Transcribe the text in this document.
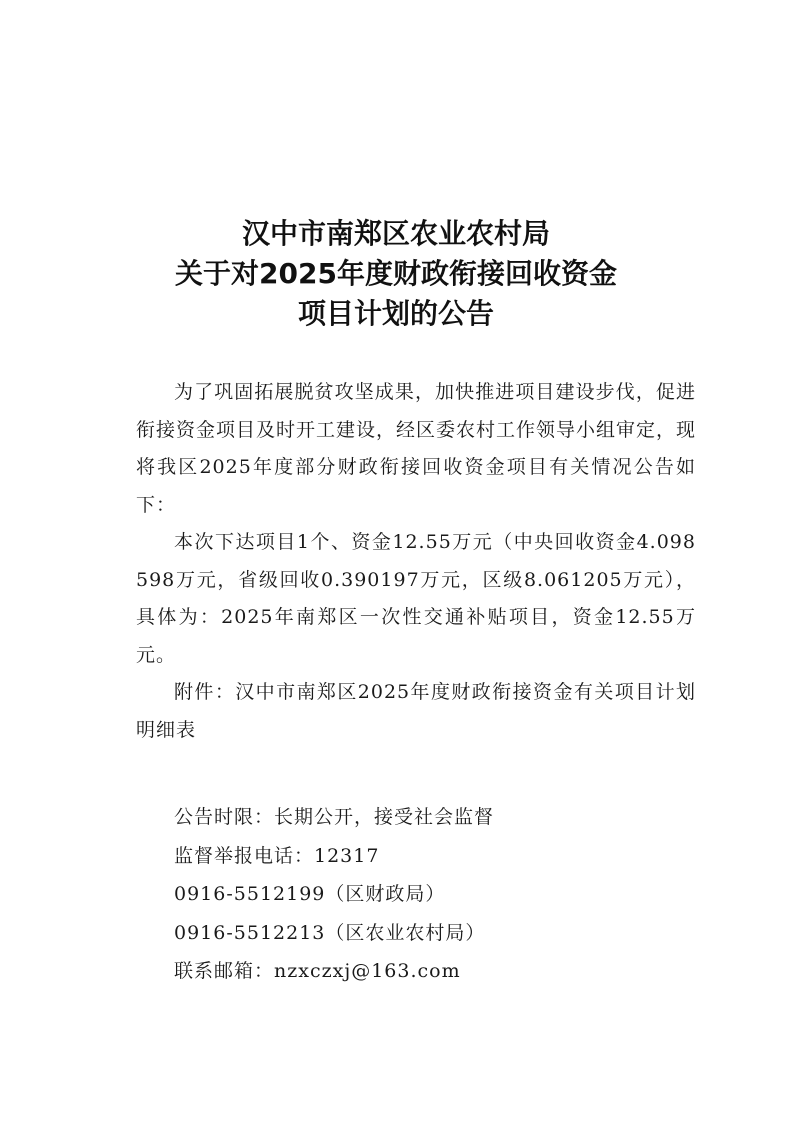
汉中市南郑区农业农村局
关于对2025年度财政衔接回收资金
项目计划的公告

为了巩固拓展脱贫攻坚成果，加快推进项目建设步伐，促进衔接资金项目及时开工建设，经区委农村工作领导小组审定，现将我区2025年度部分财政衔接回收资金项目有关情况公告如下：

本次下达项目1个、资金12.55万元（中央回收资金4.098598万元，省级回收0.390197万元，区级8.061205万元），具体为：2025年南郑区一次性交通补贴项目，资金12.55万元。

附件：汉中市南郑区2025年度财政衔接资金有关项目计划明细表

公告时限：长期公开，接受社会监督
监督举报电话：12317
0916-5512199（区财政局）
0916-5512213（区农业农村局）
联系邮箱：nzxczxj@163.com
